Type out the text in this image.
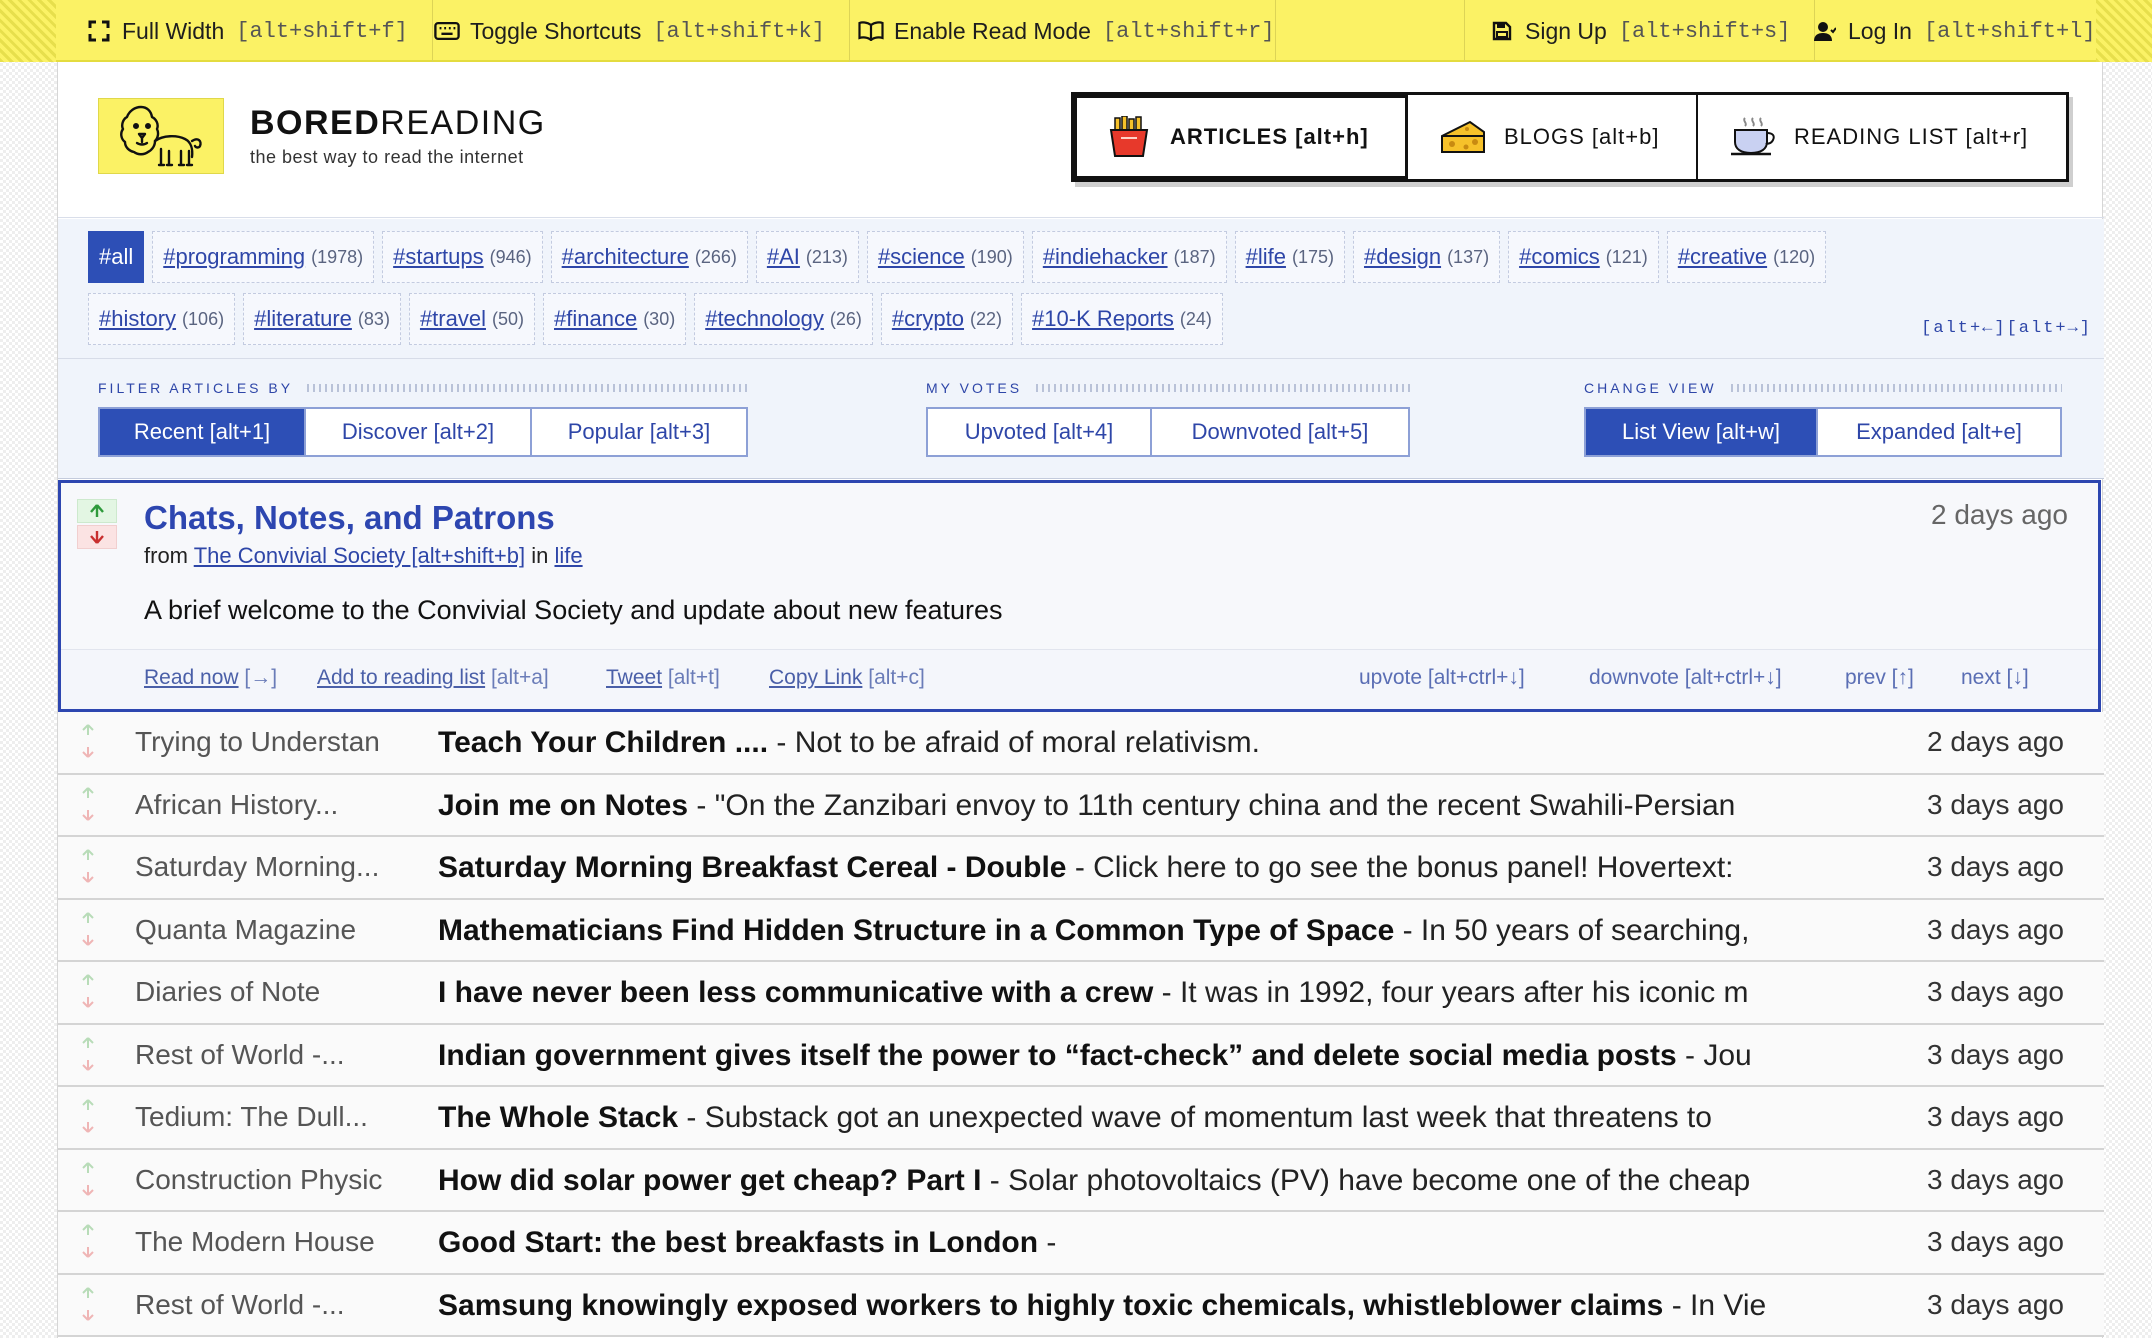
Full Width [alt+shift+f]	Toggle Shortcuts [alt+shift+k]	Enable Read Mode [alt+shift+r]	Sign Up [alt+shift+s]	Log In [alt+shift+l]
BOREDREADING
the best way to read the internet
ARTICLES [alt+h]	BLOGS [alt+b]	READING LIST [alt+r]
#all #programming (1978) #startups (946) #architecture (266) #AI (213) #science (190) #indiehacker (187) #life (175) #design (137) #comics (121) #creative (120)
#history (106) #literature (83) #travel (50) #finance (30) #technology (26) #crypto (22) #10-K Reports (24)	[alt+←][alt+→]
FILTER ARTICLES BY
Recent [alt+1]	Discover [alt+2]	Popular [alt+3]
MY VOTES
Upvoted [alt+4]	Downvoted [alt+5]
CHANGE VIEW
List View [alt+w]	Expanded [alt+e]
Chats, Notes, and Patrons	2 days ago
from The Convivial Society [alt+shift+b] in life
A brief welcome to the Convivial Society and update about new features
Read now [→] Add to reading list [alt+a]	Tweet [alt+t] Copy Link [alt+c]	upvote [alt+ctrl+↓]	downvote [alt+ctrl+↓]	prev [↑] next [↓]
Trying to Understan	Teach Your Children .... - Not to be afraid of moral relativism.	2 days ago
African History...	Join me on Notes - "On the Zanzibari envoy to 11th century china and the recent Swahili-Persian	3 days ago
Saturday Morning...	Saturday Morning Breakfast Cereal - Double - Click here to go see the bonus panel! Hovertext:	3 days ago
Quanta Magazine	Mathematicians Find Hidden Structure in a Common Type of Space - In 50 years of searching,	3 days ago
Diaries of Note	I have never been less communicative with a crew - It was in 1992, four years after his iconic m	3 days ago
Rest of World -...	Indian government gives itself the power to “fact-check” and delete social media posts - Jou	3 days ago
Tedium: The Dull...	The Whole Stack - Substack got an unexpected wave of momentum last week that threatens to	3 days ago
Construction Physic	How did solar power get cheap? Part I - Solar photovoltaics (PV) have become one of the cheap	3 days ago
The Modern House	Good Start: the best breakfasts in London -	3 days ago
Rest of World -...	Samsung knowingly exposed workers to highly toxic chemicals, whistleblower claims - In Vie	3 days ago
